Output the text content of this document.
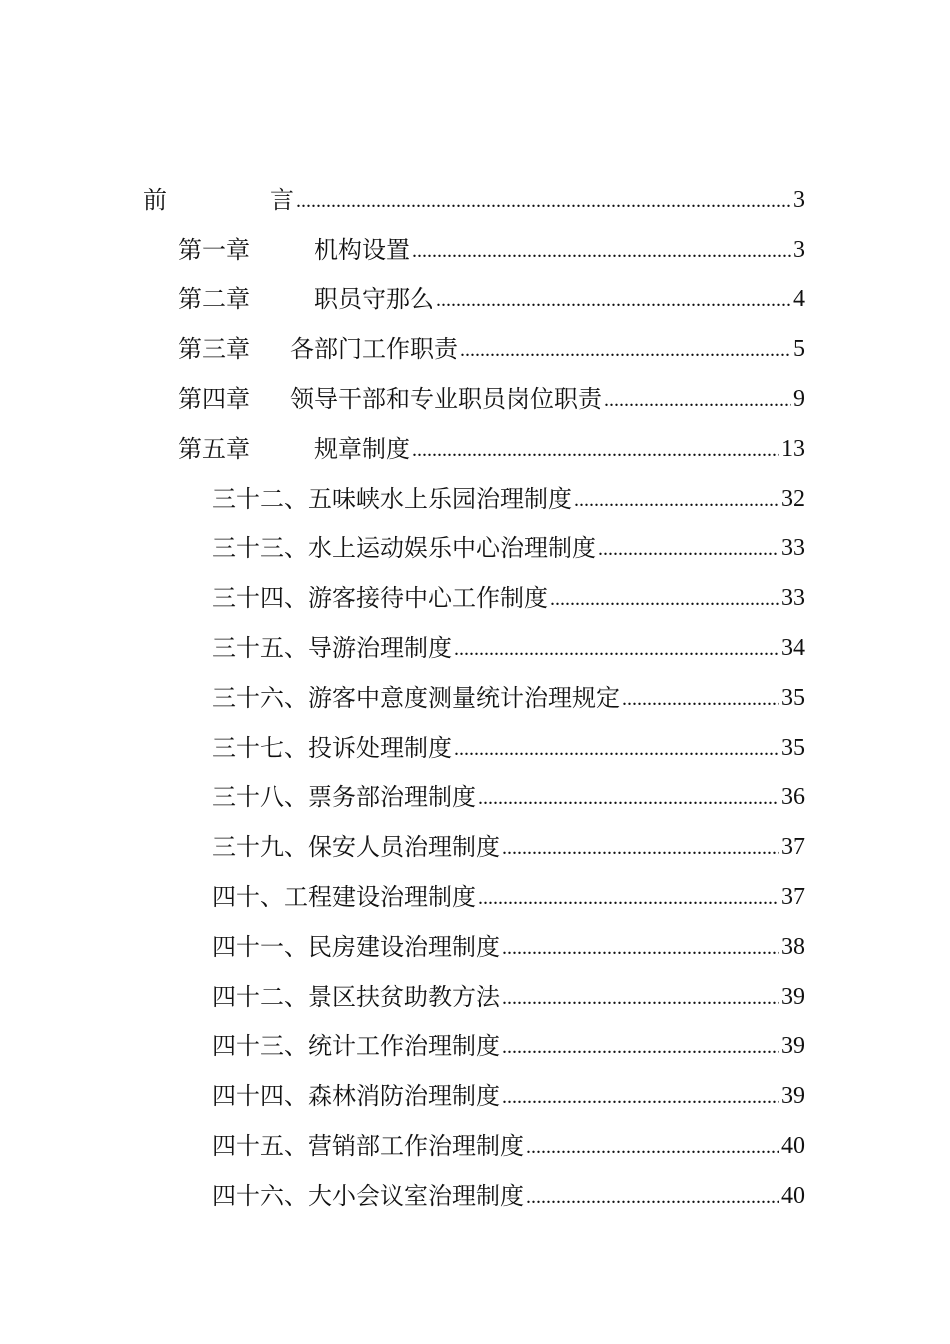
前	言 .....	3
第一章	机构设置 .....	3
第二章	职员守那么 .....	4
第三章 各部门工作职责 .....	5
第四章 领导干部和专业职员岗位职责 .....	9
第五章	规章制度 .....	13
三十二、五味峡水上乐园治理制度 .....	32
三十三、水上运动娱乐中心治理制度 .....	33
三十四、游客接待中心工作制度 .....	33
三十五、导游治理制度 .....	34
三十六、游客中意度测量统计治理规定 .....	35
三十七、投诉处理制度 .....	35
三十八、票务部治理制度 .....	36
三十九、保安人员治理制度 .....	37
四十、工程建设治理制度 .....	37
四十一、民房建设治理制度 .....	38
四十二、景区扶贫助教方法 .....	39
四十三、统计工作治理制度 .....	39
四十四、森林消防治理制度 .....	39
四十五、营销部工作治理制度 .....	40
四十六、大小会议室治理制度 .....	40
